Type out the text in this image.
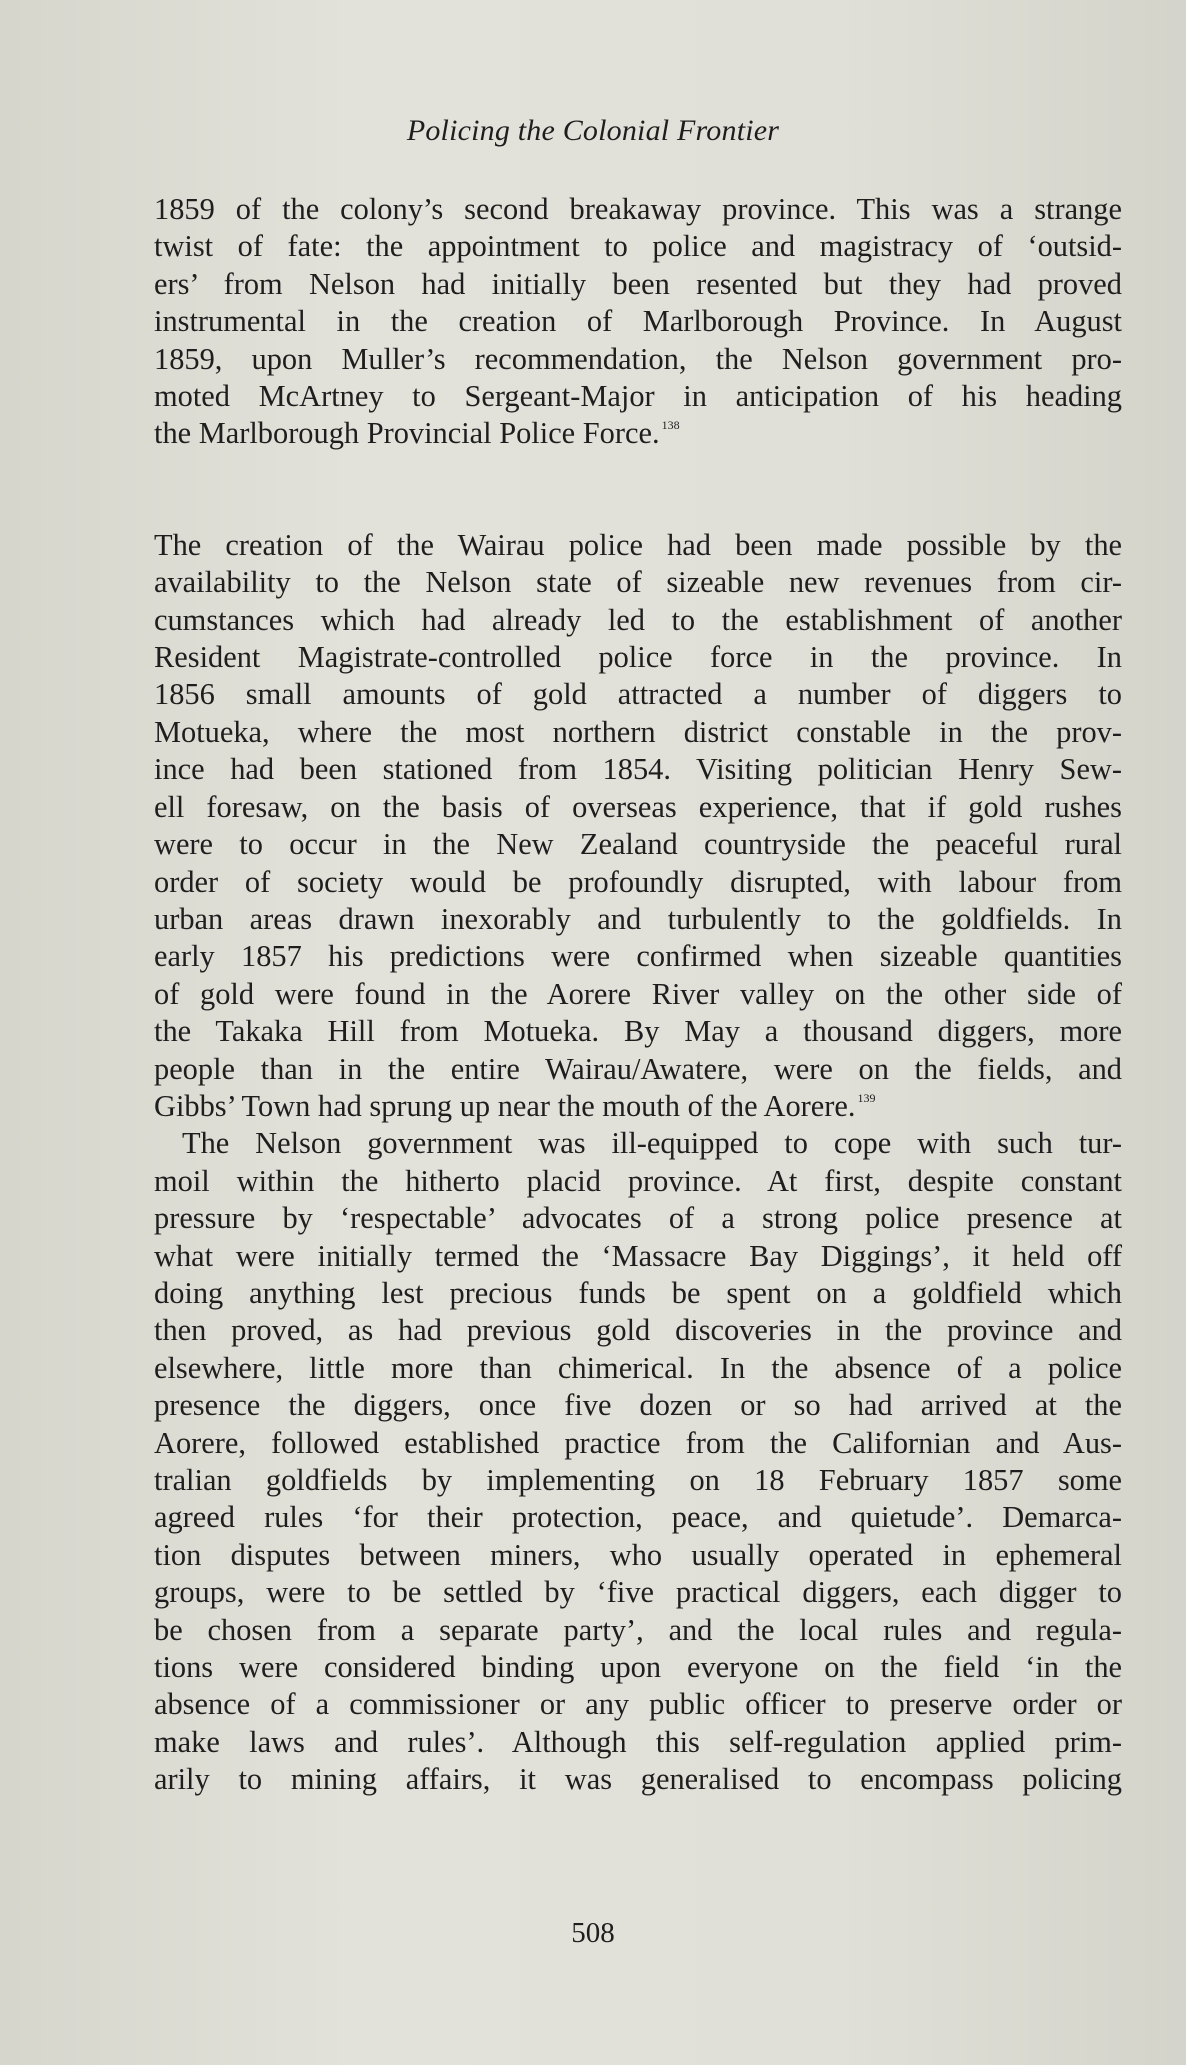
Policing the Colonial Frontier

1859 of the colony’s second breakaway province. This was a strange
twist of fate: the appointment to police and magistracy of ‘outsid-
ers’ from Nelson had initially been resented but they had proved
instrumental in the creation of Marlborough Province. In August
1859, upon Muller’s recommendation, the Nelson government pro-
moted McArtney to Sergeant-Major in anticipation of his heading
the Marlborough Provincial Police Force. $^{138}$

The creation of the Wairau police had been made possible by the
availability to the Nelson state of sizeable new revenues from cir-
cumstances which had already led to the establishment of another
Resident Magistrate-controlled police force in the province. In
1856 small amounts of gold attracted a number of diggers to
Motueka, where the most northern district constable in the prov-
ince had been stationed from 1854. Visiting politician Henry Sew-
ell foresaw, on the basis of overseas experience, that if gold rushes
were to occur in the New Zealand countryside the peaceful rural
order of society would be profoundly disrupted, with labour from
urban areas drawn inexorably and turbulently to the goldfields. In
early 1857 his predictions were confirmed when sizeable quantities
of gold were found in the Aorere River valley on the other side of
the Takaka Hill from Motueka. By May a thousand diggers, more
people than in the entire Wairau/Awatere, were on the fields, and
Gibbs’ Town had sprung up near the mouth of the Aorere. $^{139}$

The Nelson government was ill-equipped to cope with such tur-
moil within the hitherto placid province. At first, despite constant
pressure by ‘respectable’ advocates of a strong police presence at
what were initially termed the ‘Massacre Bay Diggings’, it held off
doing anything lest precious funds be spent on a goldfield which
then proved, as had previous gold discoveries in the province and
elsewhere, little more than chimerical. In the absence of a police
presence the diggers, once five dozen or so had arrived at the
Aorere, followed established practice from the Californian and Aus-
tralian goldfields by implementing on 18 February 1857 some
agreed rules ‘for their protection, peace, and quietude’. Demarca-
tion disputes between miners, who usually operated in ephemeral
groups, were to be settled by ‘five practical diggers, each digger to
be chosen from a separate party’, and the local rules and regula-
tions were considered binding upon everyone on the field ‘in the
absence of a commissioner or any public officer to preserve order or
make laws and rules’. Although this self-regulation applied prim-
arily to mining affairs, it was generalised to encompass policing

508
